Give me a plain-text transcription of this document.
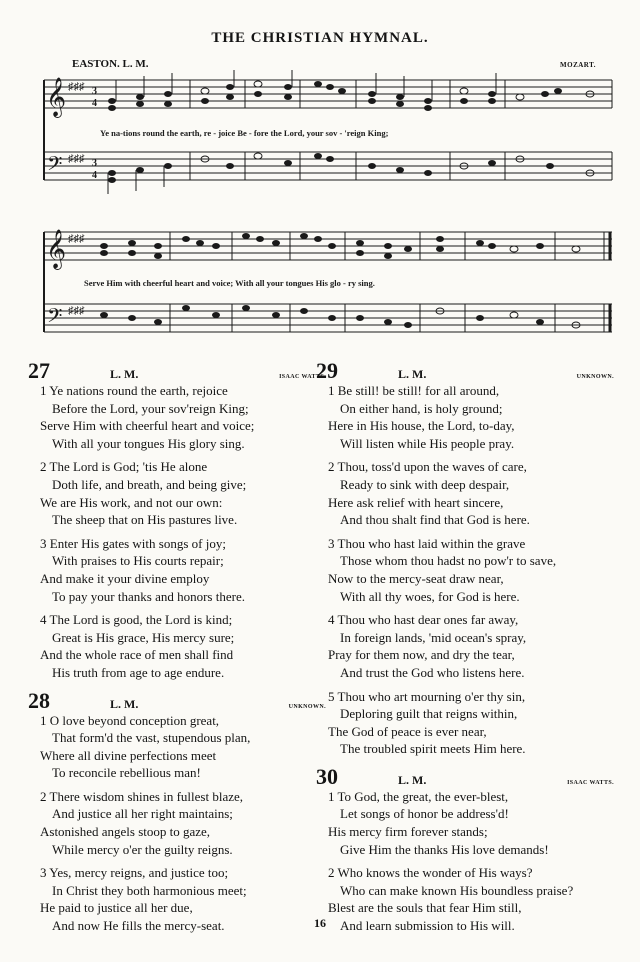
THE CHRISTIAN HYMNAL.
EASTON. L. M.	MOZART.
𝄞
𝄢
♯♯♯
♯♯♯
3
4
3
4
Ye na-tions round the earth, re - joice Be - fore the Lord, your sov - 'reign King;
𝄞
𝄢
♯♯♯
♯♯♯
Serve Him with cheerful heart and voice; With all your tongues His glo - ry sing.
27	L. M.	ISAAC WATTS.
1 Ye nations round the earth, rejoice
Before the Lord, your sov'reign King;
Serve Him with cheerful heart and voice;
With all your tongues His glory sing.
2 The Lord is God; 'tis He alone
Doth life, and breath, and being give;
We are His work, and not our own:
The sheep that on His pastures live.
3 Enter His gates with songs of joy;
With praises to His courts repair;
And make it your divine employ
To pay your thanks and honors there.
4 The Lord is good, the Lord is kind;
Great is His grace, His mercy sure;
And the whole race of men shall find
His truth from age to age endure.
28	L. M.	UNKNOWN.
1 O love beyond conception great,
That form'd the vast, stupendous plan,
Where all divine perfections meet
To reconcile rebellious man!
2 There wisdom shines in fullest blaze,
And justice all her right maintains;
Astonished angels stoop to gaze,
While mercy o'er the guilty reigns.
3 Yes, mercy reigns, and justice too;
In Christ they both harmonious meet;
He paid to justice all her due,
And now He fills the mercy-seat.
29	L. M.	UNKNOWN.
1 Be still! be still! for all around,
On either hand, is holy ground;
Here in His house, the Lord, to-day,
Will listen while His people pray.
2 Thou, toss'd upon the waves of care,
Ready to sink with deep despair,
Here ask relief with heart sincere,
And thou shalt find that God is here.
3 Thou who hast laid within the grave
Those whom thou hadst no pow'r to save,
Now to the mercy-seat draw near,
With all thy woes, for God is here.
4 Thou who hast dear ones far away,
In foreign lands, 'mid ocean's spray,
Pray for them now, and dry the tear,
And trust the God who listens here.
5 Thou who art mourning o'er thy sin,
Deploring guilt that reigns within,
The God of peace is ever near,
The troubled spirit meets Him here.
30	L. M.	ISAAC WATTS.
1 To God, the great, the ever-blest,
Let songs of honor be address'd!
His mercy firm forever stands;
Give Him the thanks His love demands!
2 Who knows the wonder of His ways?
Who can make known His boundless praise?
Blest are the souls that fear Him still,
And learn submission to His will.
16
